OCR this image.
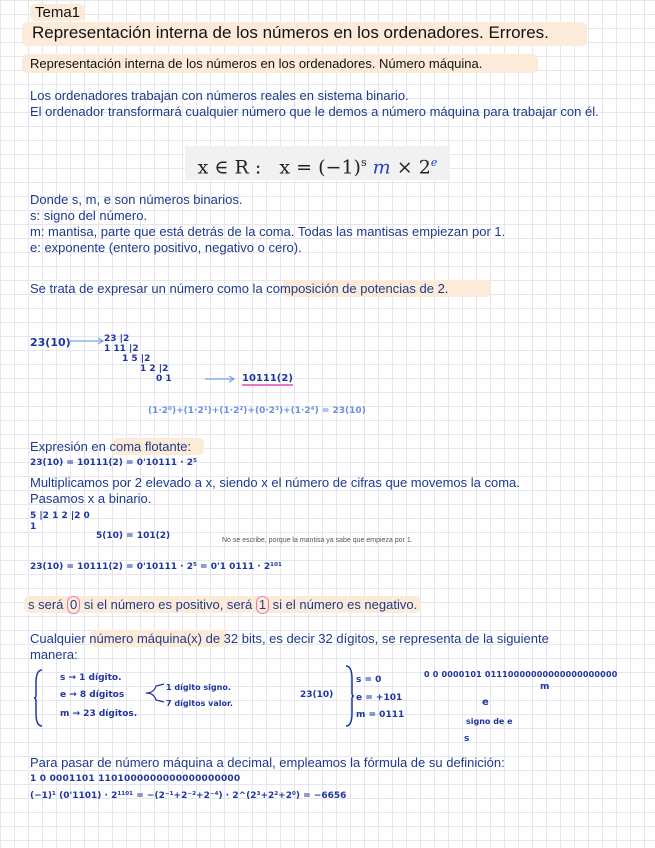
Tema1
Representación interna de los números en los ordenadores. Errores.
Representación interna de los números en los ordenadores. Número máquina.
Los ordenadores trabajan con números reales en sistema binario.
El ordenador transformará cualquier número que le demos a número máquina para trabajar con él.
x ∈ R : $x = (-1)^s$ $m \times 2^e$
Donde s, m, e son números binarios.
s: signo del número.
m: mantisa, parte que está detrás de la coma. Todas las mantisas empiezan por 1.
e: exponente (entero positivo, negativo o cero).
Se trata de expresar un número como la composición de potencias de 2.
23(10)	23 |2
1 11 |2
1 5 |2
1 2 |2
0 1	10111(2)
(1·2⁰)+(1·2¹)+(1·2²)+(0·2³)+(1·2⁴) = 23(10)
Expresión en coma flotante:
23(10) = 10111(2) = 0'10111 · 2⁵
Multiplicamos por 2 elevado a x, siendo x el número de cifras que movemos la coma.
Pasamos x a binario.
5 |2 1 2 |2 0 1
5(10) = 101(2)	No se escribe, porque la mantisa ya sabe que empieza por 1.
23(10) = 10111(2) = 0'10111 · 2⁵ = 0'1 0111 · 2¹⁰¹
s será 0 si el número es positivo, será 1 si el número es negativo.
Cualquier número máquina(x) de 32 bits, es decir 32 dígitos, se representa de la siguiente
manera:
s → 1 dígito.
e → 8 dígitos
m → 23 dígitos.
1 dígito signo.
7 dígitos valor.
23(10)
s = 0
e = +101
m = 0111
0 0 0000101 01110000000000000000000
m
e
signo de e
s
Para pasar de número máquina a decimal, empleamos la fórmula de su definición:
1 0 0001101 1101000000000000000000
(−1)¹ (0'1101) · 2¹¹⁰¹ = −(2⁻¹+2⁻²+2⁻⁴) · 2^(2³+2²+2⁰) = −6656
